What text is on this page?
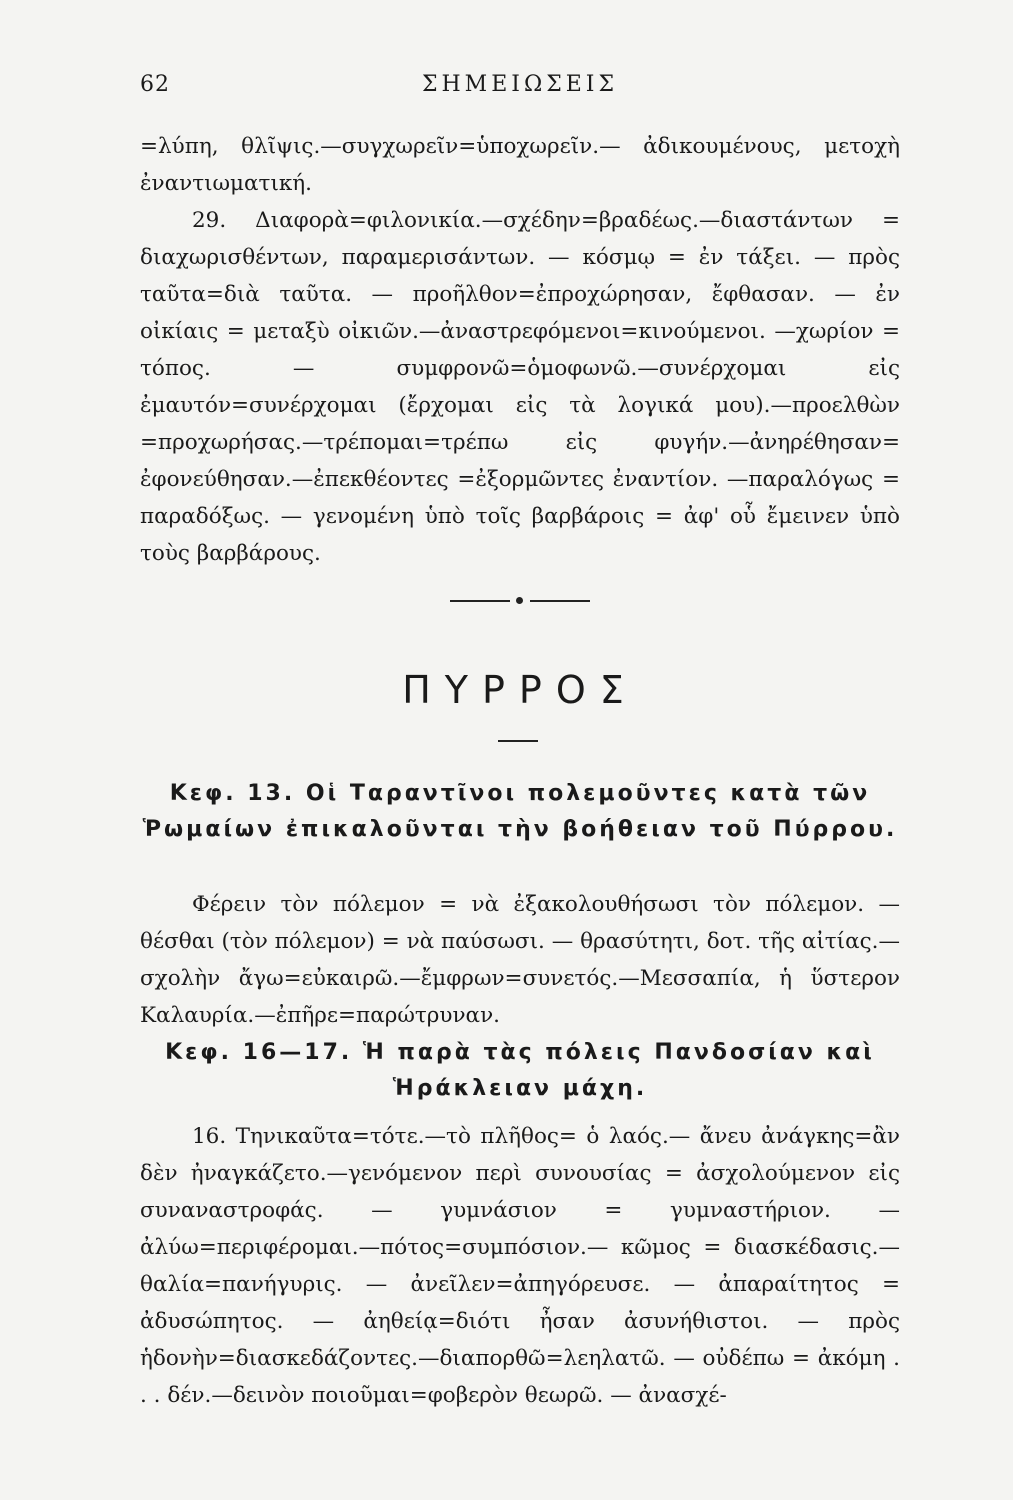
62	ΣΗΜΕΙΩΣΕΙΣ

=λύπη, θλῖψις.—συγχωρεῖν=ὑποχωρεῖν.— ἀδικουμένους, μετοχὴ ἐναντιωματική.

29. Διαφορὰ=φιλονικία.—σχέδην=βραδέως.—διαστάντων = διαχωρισθέντων, παραμερισάντων. — κόσμῳ = ἐν τάξει. — πρὸς ταῦτα=διὰ ταῦτα. — προῆλθον=ἐπροχώρησαν, ἔφθασαν. — ἐν οἰκίαις = μεταξὺ οἰκιῶν.—ἀναστρεφόμενοι=κινούμενοι. —χωρίον = τόπος. — συμφρονῶ=ὁμοφωνῶ.—συνέρχομαι εἰς ἐμαυτόν=συνέρχομαι (ἔρχομαι εἰς τὰ λογικά μου).—προελθὼν =προχωρήσας.—τρέπομαι=τρέπω εἰς φυγήν.—ἀνηρέθησαν= ἐφονεύθησαν.—ἐπεκθέοντες =ἐξορμῶντες ἐναντίον. —παραλόγως = παραδόξως. — γενομένη ὑπὸ τοῖς βαρβάροις = ἀφ' οὗ ἔμεινεν ὑπὸ τοὺς βαρβάρους.

ΠΥΡΡΟΣ
Κεφ. 13. Οἱ Ταραντῖνοι πολεμοῦντες κατὰ τῶν Ῥωμαίων ἐπικαλοῦνται τὴν βοήθειαν τοῦ Πύρρου.

Φέρειν τὸν πόλεμον = νὰ ἐξακολουθήσωσι τὸν πόλεμον. — θέσθαι (τὸν πόλεμον) = νὰ παύσωσι. — θρασύτητι, δοτ. τῆς αἰτίας.—σχολὴν ἄγω=εὐκαιρῶ.—ἔμφρων=συνετός.—Μεσσαπία, ἡ ὕστερον Καλαυρία.—ἐπῆρε=παρώτρυναν.

Κεφ. 16—17. Ἡ παρὰ τὰς πόλεις Πανδοσίαν καὶ Ἡράκλειαν μάχη.

16. Τηνικαῦτα=τότε.—τὸ πλῆθος= ὁ λαός.— ἄνευ ἀνάγκης=ἂν δὲν ἠναγκάζετο.—γενόμενον περὶ συνουσίας = ἀσχολούμενον εἰς συναναστροφάς. — γυμνάσιον = γυμναστήριον. — ἀλύω=περιφέρομαι.—πότος=συμπόσιον.— κῶμος = διασκέδασις.—θαλία=πανήγυρις. — ἀνεῖλεν=ἀπηγόρευσε. — ἀπαραίτητος = ἀδυσώπητος. — ἀηθείᾳ=διότι ἦσαν ἀσυνήθιστοι. — πρὸς ἡδονὴν=διασκεδάζοντες.—διαπορθῶ=λεηλατῶ. — οὐδέπω = ἀκόμη . . . δέν.—δεινὸν ποιοῦμαι=φοβερὸν θεωρῶ. — ἀνασχέ-
